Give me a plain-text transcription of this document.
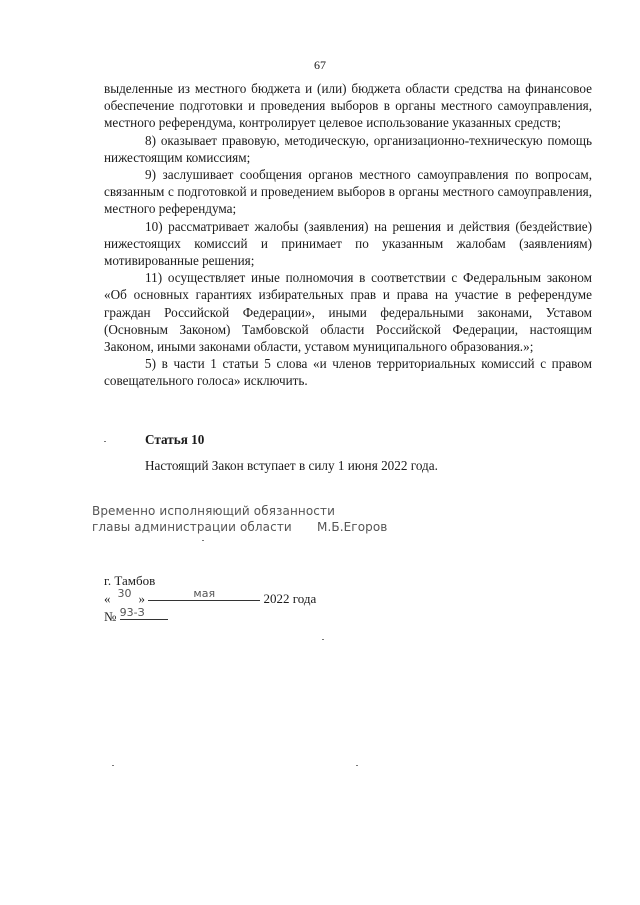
67

выделенные из местного бюджета и (или) бюджета области средства на финансовое обеспечение подготовки и проведения выборов в органы местного самоуправления, местного референдума, контролирует целевое использование указанных средств;

8) оказывает правовую, методическую, организационно-техническую помощь нижестоящим комиссиям;

9) заслушивает сообщения органов местного самоуправления по вопросам, связанным с подготовкой и проведением выборов в органы местного самоуправления, местного референдума;

10) рассматривает жалобы (заявления) на решения и действия (бездействие) нижестоящих комиссий и принимает по указанным жалобам (заявлениям) мотивированные решения;

11) осуществляет иные полномочия в соответствии с Федеральным законом «Об основных гарантиях избирательных прав и права на участие в референдуме граждан Российской Федерации», иными федеральными законами, Уставом (Основным Законом) Тамбовской области Российской Федерации, настоящим Законом, иными законами области, уставом муниципального образования.»;

5) в части 1 статьи 5 слова «и членов территориальных комиссий с правом совещательного голоса» исключить.

Статья 10
Настоящий Закон вступает в силу 1 июня 2022 года.
Временно исполняющий обязанности
главы администрации области	М.Б.Егоров
г. Тамбов
« 30 »	мая	2022 года
№ 93-З
